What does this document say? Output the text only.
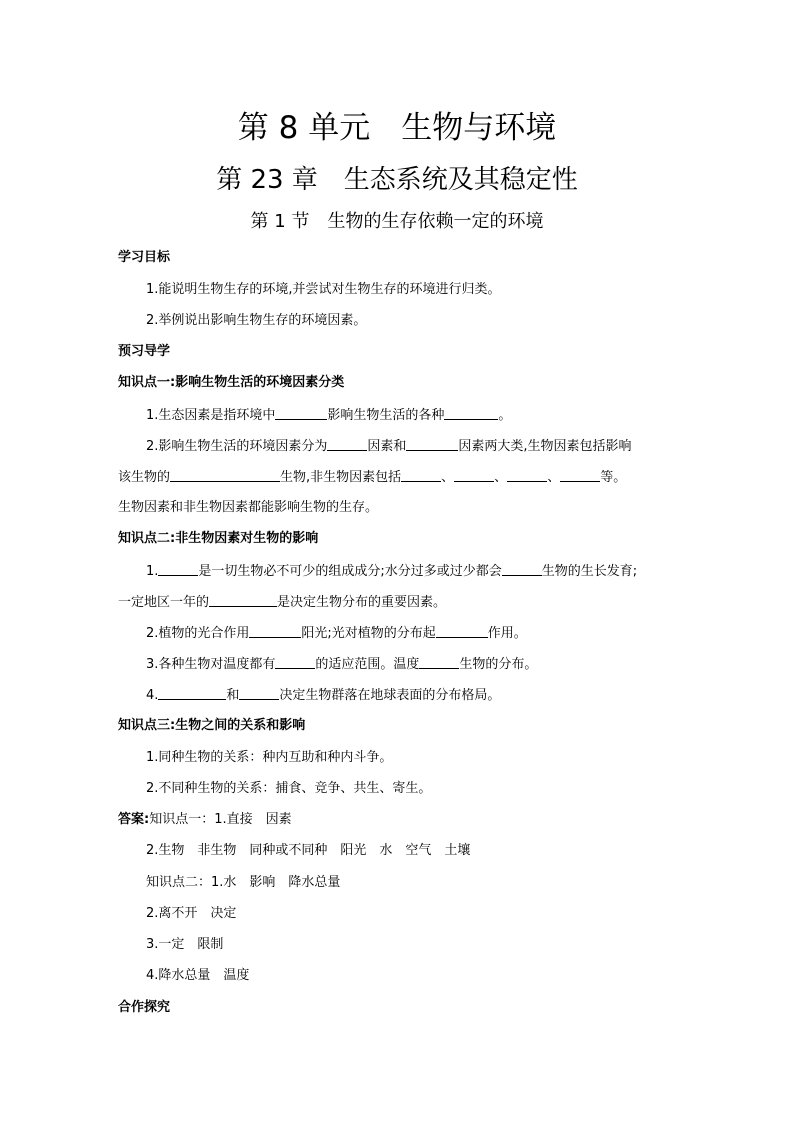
第 8 单元　生物与环境
第 23 章　生态系统及其稳定性
第 1 节　生物的生存依赖一定的环境
学习目标
1.能说明生物生存的环境,并尝试对生物生存的环境进行归类。
2.举例说出影响生物生存的环境因素。
预习导学
知识点一:影响生物生活的环境因素分类
1.生态因素是指环境中	影响生物生活的各种	。
2.影响生物生活的环境因素分为	因素和	因素两大类,生物因素包括影响
该生物的	生物,非生物因素包括	、	、	、	等。
生物因素和非生物因素都能影响生物的生存。
知识点二:非生物因素对生物的影响
1.	是一切生物必不可少的组成成分;水分过多或过少都会	生物的生长发育;
一定地区一年的	是决定生物分布的重要因素。
2.植物的光合作用	阳光;光对植物的分布起	作用。
3.各种生物对温度都有	的适应范围。温度	生物的分布。
4.	和	决定生物群落在地球表面的分布格局。
知识点三:生物之间的关系和影响
1.同种生物的关系：种内互助和种内斗争。
2.不同种生物的关系：捕食、竞争、共生、寄生。
答案:知识点一：1.直接　因素
2.生物　非生物　同种或不同种　阳光　水　空气　土壤
知识点二：1.水　影响　降水总量
2.离不开　决定
3.一定　限制
4.降水总量　温度
合作探究
